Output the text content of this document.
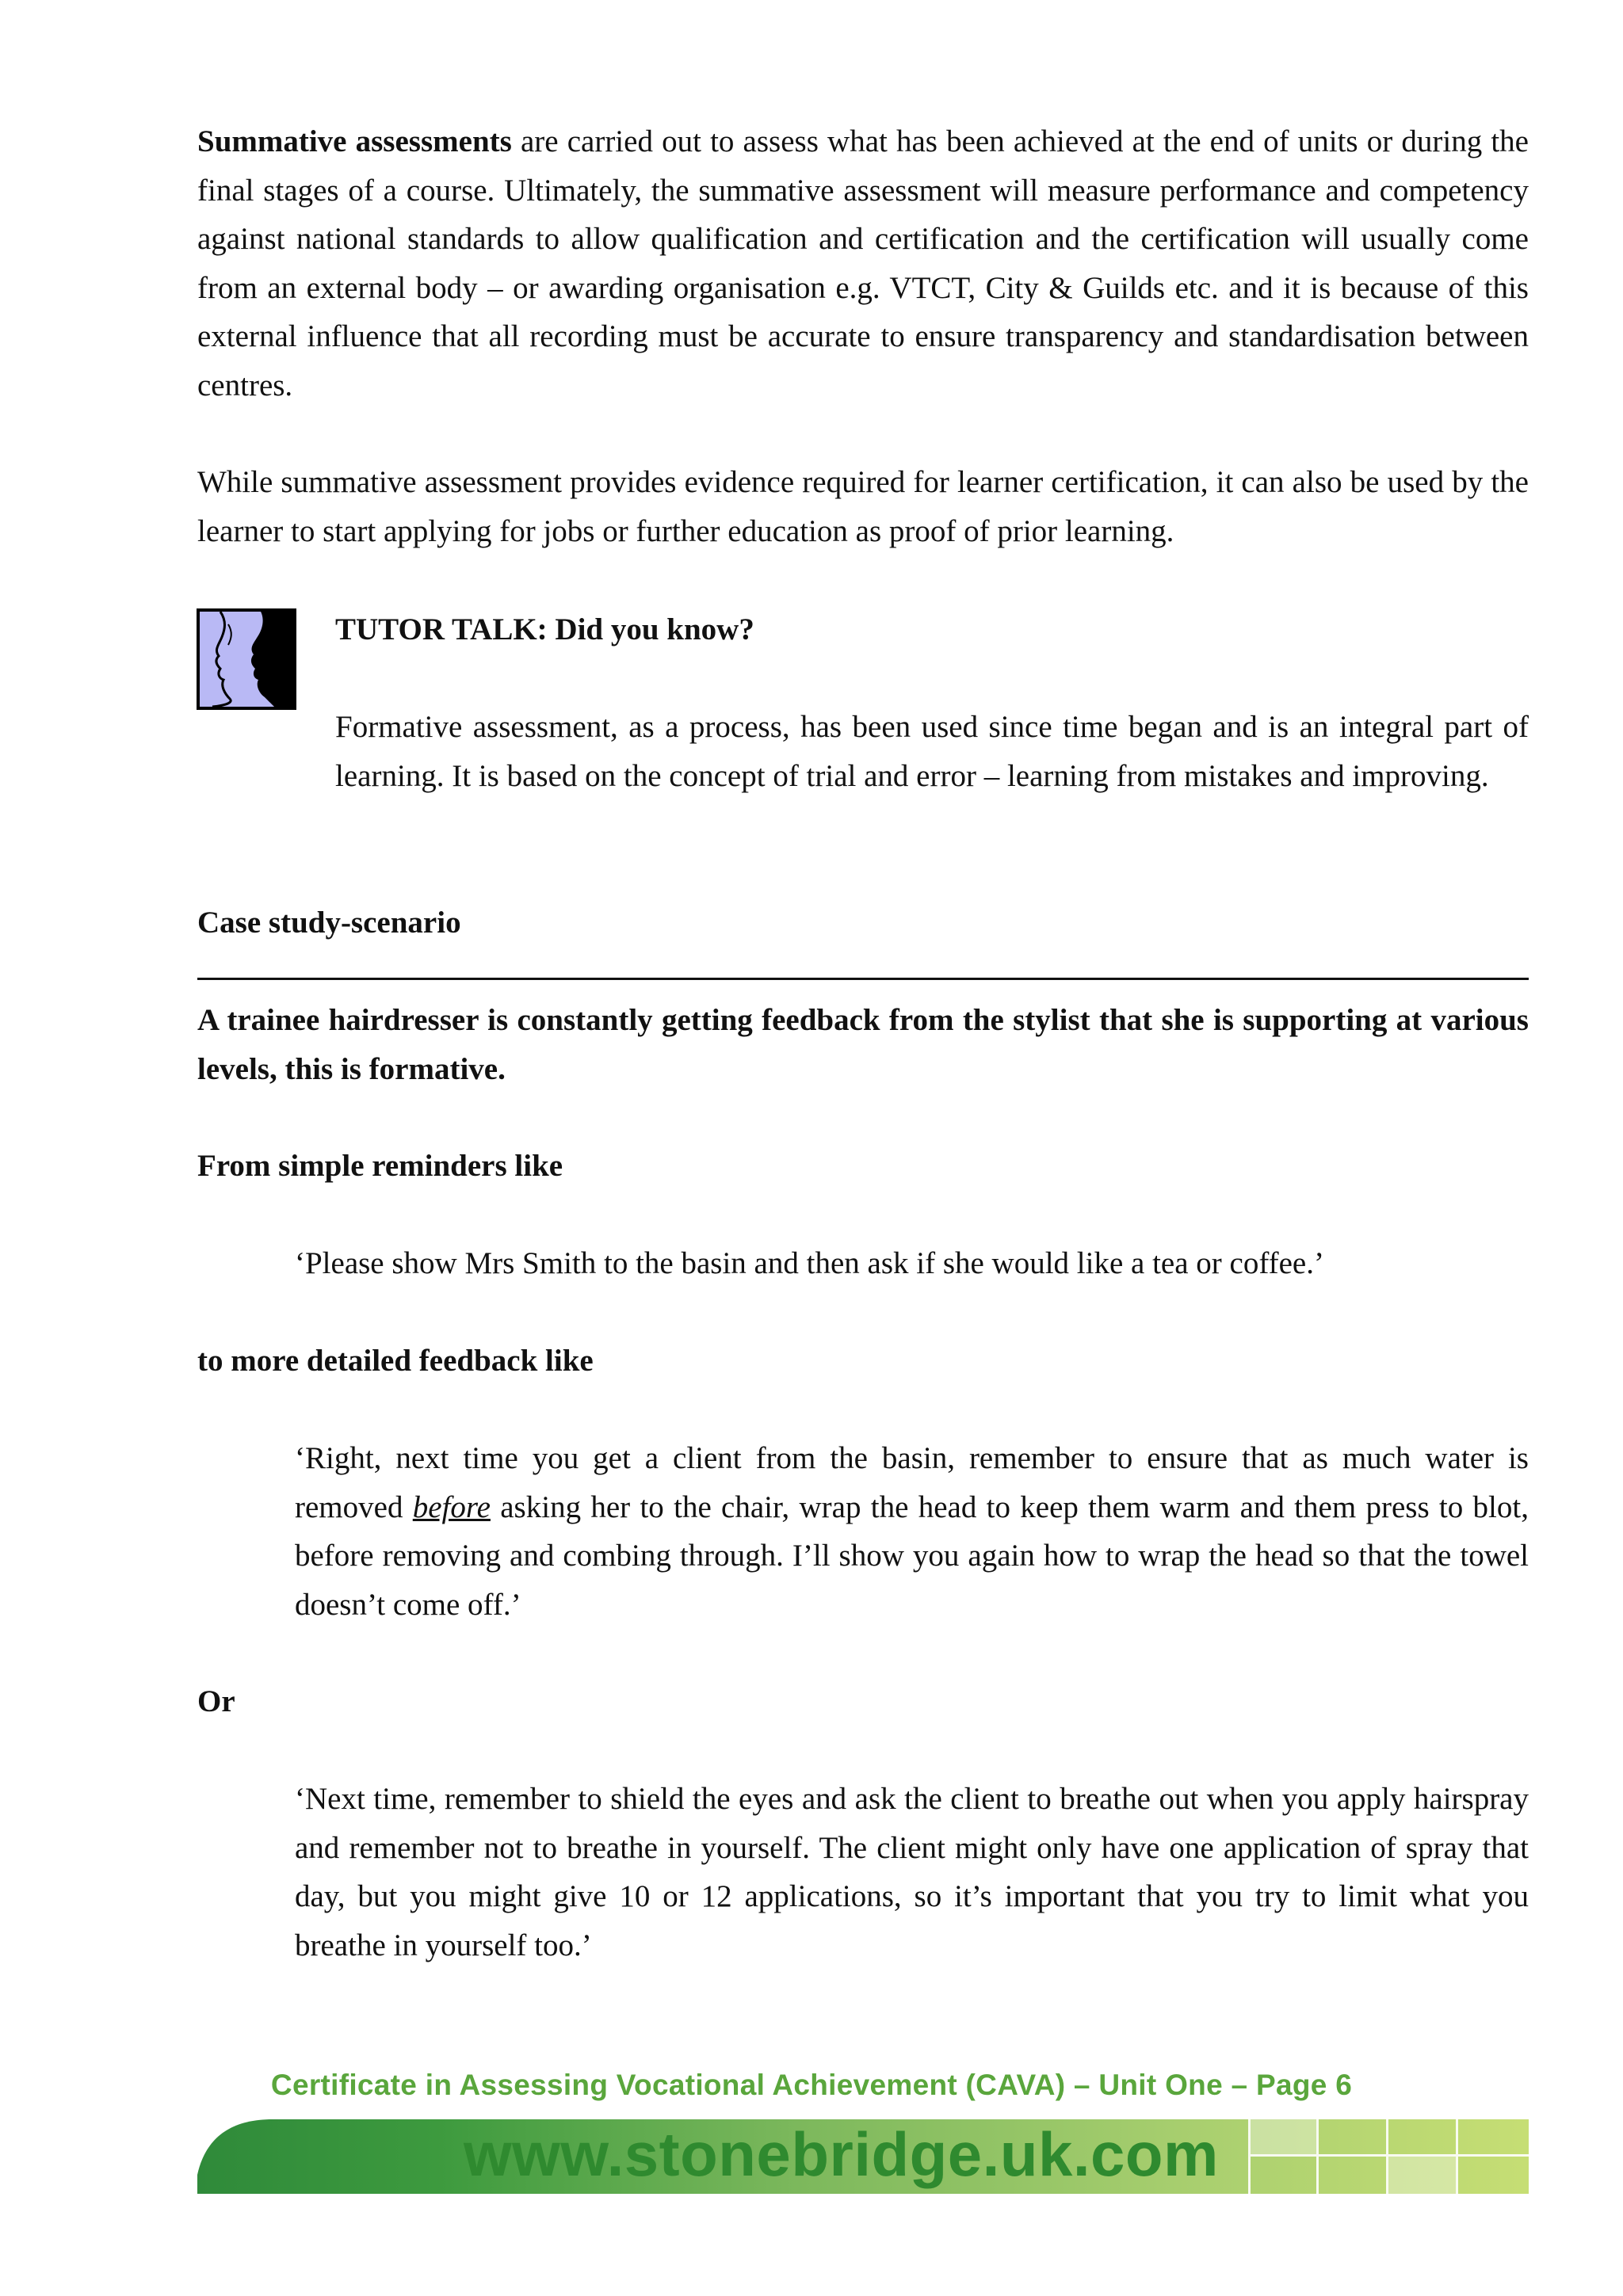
Summative assessments are carried out to assess what has been achieved at the end of units or during the final stages of a course. Ultimately, the summative assessment will measure performance and competency against national standards to allow qualification and certification and the certification will usually come from an external body – or awarding organisation e.g. VTCT, City & Guilds etc. and it is because of this external influence that all recording must be accurate to ensure transparency and standardisation between centres.

While summative assessment provides evidence required for learner certification, it can also be used by the learner to start applying for jobs or further education as proof of prior learning.

TUTOR TALK: Did you know?

Formative assessment, as a process, has been used since time began and is an integral part of learning. It is based on the concept of trial and error – learning from mistakes and improving.

Case study-scenario

A trainee hairdresser is constantly getting feedback from the stylist that she is supporting at various levels, this is formative.

From simple reminders like

‘Please show Mrs Smith to the basin and then ask if she would like a tea or coffee.’

to more detailed feedback like

‘Right, next time you get a client from the basin, remember to ensure that as much water is removed before asking her to the chair, wrap the head to keep them warm and them press to blot, before removing and combing through. I’ll show you again how to wrap the head so that the towel doesn’t come off.’

Or

‘Next time, remember to shield the eyes and ask the client to breathe out when you apply hairspray and remember not to breathe in yourself. The client might only have one application of spray that day, but you might give 10 or 12 applications, so it’s important that you try to limit what you breathe in yourself too.’

Certificate in Assessing Vocational Achievement (CAVA) – Unit One – Page 6
www.stonebridge.uk.com
